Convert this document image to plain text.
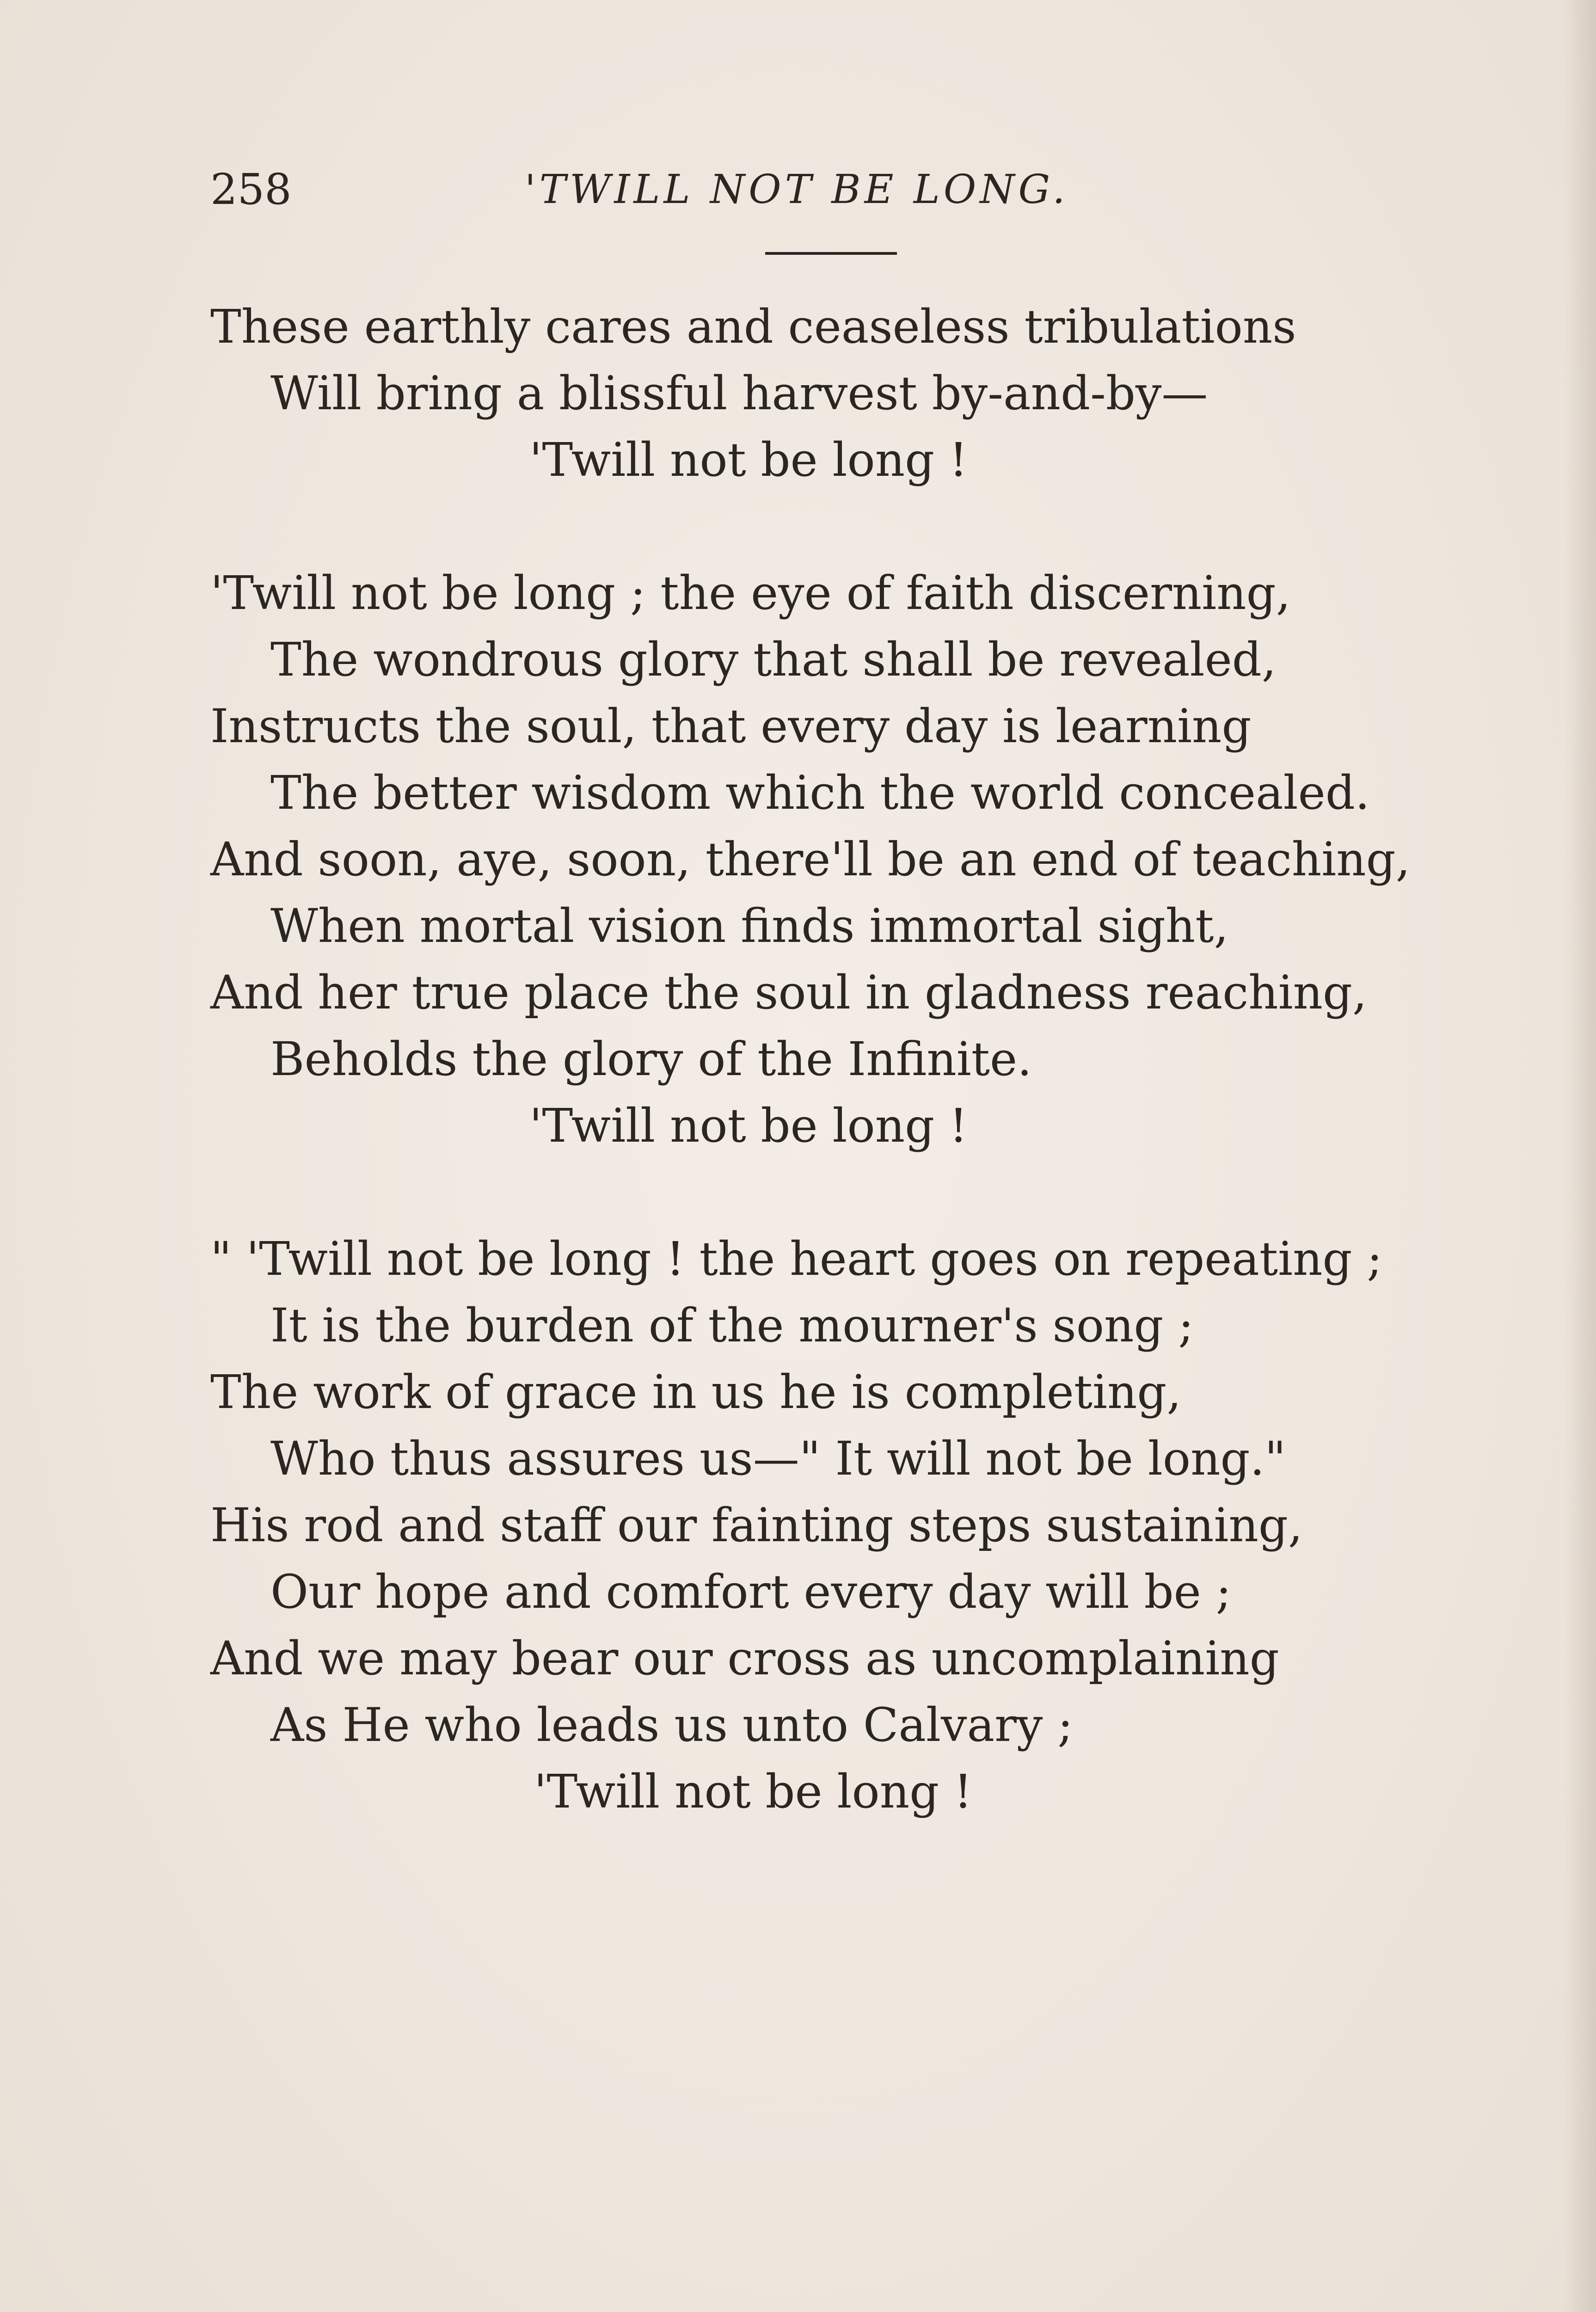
258	'TWILL NOT BE LONG.
These earthly cares and ceaseless tribulations
Will bring a blissful harvest by-and-by—
'Twill not be long !
'Twill not be long ; the eye of faith discerning,
The wondrous glory that shall be revealed,
Instructs the soul, that every day is learning
The better wisdom which the world concealed.
And soon, aye, soon, there'll be an end of teaching,
When mortal vision finds immortal sight,
And her true place the soul in gladness reaching,
Beholds the glory of the Infinite.
'Twill not be long !
" 'Twill not be long ! the heart goes on repeating ;
It is the burden of the mourner's song ;
The work of grace in us he is completing,
Who thus assures us—" It will not be long."
His rod and staff our fainting steps sustaining,
Our hope and comfort every day will be ;
And we may bear our cross as uncomplaining
As He who leads us unto Calvary ;
'Twill not be long !
